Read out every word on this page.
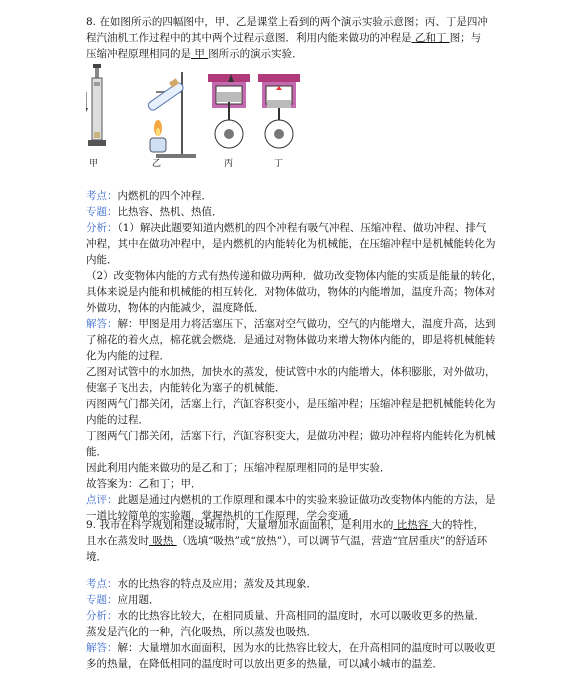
8. 在如图所示的四幅图中，甲、乙是课堂上看到的两个演示实验示意图；丙、丁是四冲
程汽油机工作过程中的其中两个过程示意图．利用内能来做功的冲程是 乙和丁 图；与
压缩冲程原理相同的是 甲 图所示的演示实验．
甲	乙	丙	丁
考点：内燃机的四个冲程．
专题：比热容、热机、热值．
分析：（1）解决此题要知道内燃机的四个冲程有吸气冲程、压缩冲程、做功冲程、排气
冲程，其中在做功冲程中，是内燃机的内能转化为机械能，在压缩冲程中是机械能转化为
内能．
（2）改变物体内能的方式有热传递和做功两种．做功改变物体内能的实质是能量的转化，
具体来说是内能和机械能的相互转化．对物体做功，物体的内能增加，温度升高；物体对
外做功，物体的内能减少，温度降低．
解答：解：甲图是用力将活塞压下，活塞对空气做功，空气的内能增大，温度升高，达到
了棉花的着火点，棉花就会燃烧．是通过对物体做功来增大物体内能的，即是将机械能转
化为内能的过程．
乙图对试管中的水加热，加快水的蒸发，使试管中水的内能增大，体积膨胀，对外做功，
使塞子飞出去，内能转化为塞子的机械能．
丙图两气门都关闭，活塞上行，汽缸容积变小，是压缩冲程；压缩冲程是把机械能转化为
内能的过程．
丁图两气门都关闭，活塞下行，汽缸容积变大，是做功冲程；做功冲程将内能转化为机械
能．
因此利用内能来做功的是乙和丁；压缩冲程原理相同的是甲实验．
故答案为：乙和丁；甲．
点评：此题是通过内燃机的工作原理和课本中的实验来验证做功改变物体内能的方法，是
一道比较简单的实验题，掌握热机的工作原理，学会变通．
9. 我市在科学规划和建设城市时，大量增加水面面积，是利用水的 比热容 大的特性，
且水在蒸发时 吸热 （选填“吸热”或“放热”），可以调节气温，营造“宜居重庆”的舒适环
境．
考点：水的比热容的特点及应用；蒸发及其现象．
专题：应用题．
分析：水的比热容比较大，在相同质量、升高相同的温度时，水可以吸收更多的热量．
蒸发是汽化的一种，汽化吸热，所以蒸发也吸热．
解答：解：大量增加水面面积，因为水的比热容比较大，在升高相同的温度时可以吸收更
多的热量，在降低相同的温度时可以放出更多的热量，可以减小城市的温差．
